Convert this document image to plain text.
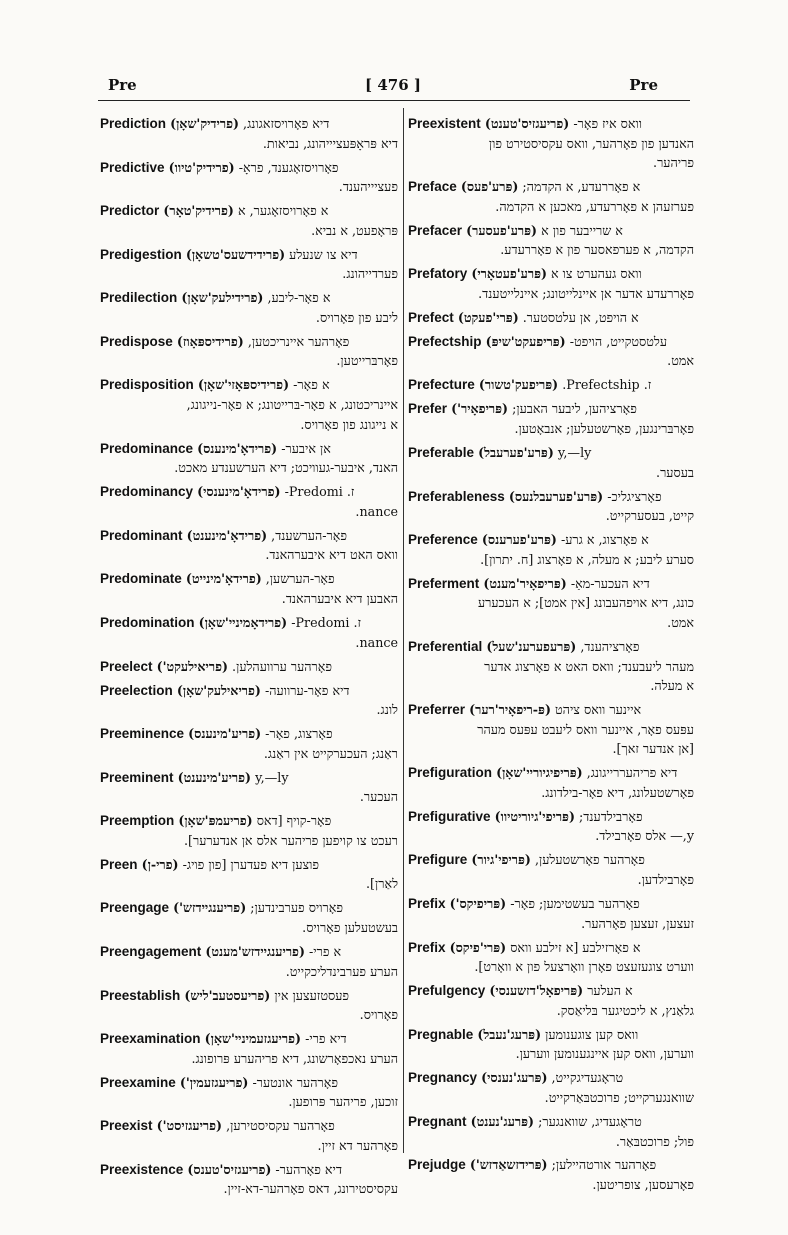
Pre	[ 476 ]	Pre
Prediction (פרידיק'שאָן) דיא פאָרויסזאגונג,
דיא פּראָפּעציייהונג, נביאות.
Predictive (פרידיק'טיוו) פאָרויסזאָגענד, פראָ-
פעציייהענד.
Predictor (פרידיק'טאָר) א פאָרויסזאָגער, א
פּראָפעט, א נביא.
Predigestion (פרידידשעס'טשאָן) דיא צו שנעלע
פערדייהונג.
Predilection (פרידילעק'שאָן) א פאָר-ליבע,
ליבע פון פאָרויס.
Predispose (פרידיספּאָוז) פאָרהער איינריכטען,
פאָרבּרייטען.
Predisposition (פרידיספּאָזי'שאָן) א פאָר-
איינריכטונג, א פאָר-בּרייטונג; א פאָר-נייגונג,
א נייגונג פון פאָרויס.
Predominance (פרידאָ'מינענס) אן איבער-
האנד, איבער-געוויכט; דיא הערשענדע מאכט.
Predominancy (פרידאָ'מינענסי) ז. Predomi-
nance.
Predominant (פרידאָ'מינענט) פאָר-הערשענד,
וואס האט דיא איבערהאנד.
Predominate (פרידאָ'מינייט) פאָר-הערשען,
האבען דיא איבערהאנד.
Predomination (פרידאָמיניי'שאָן) ז. Predomi-
nance.
Preelect (פריאילעקט') פאָרהער ערוועהלען.
Preelection (פריאילעק'שאָן) דיא פאָר-ערוועה-
לונג.
Preeminence (פריע'מינענס) פאָרצוג, פאָר-
ראַנג; העכערקייט אין ראַנג.
Preeminent (פריע'מינענט) y,—ly
העכער.
Preemption (פריעמפּ'שאָן) פאָר-קויף [דאס
רעכט צו קויפען פריהער אלס אן אנדערער].
Preen (פרי-ן) פוצען דיא פעדערן [פון פויג-
לאַרן].
Preengage (פריענגיידזש') פאָרויס פערבינדען;
בעשטעלען פאָרויס.
Preengagement (פריענגיידזש'מענט) א פרי-
הערע פערבינדליכקייט.
Preestablish (פריעסטעב'ליש) פעסטזעצען אין
פאָרויס.
Preexamination (פריעגזעמיניי'שאָן) דיא פרי-
הערע נאכפאָרשונג, דיא פריהערע פּרופונג.
Preexamine (פריעגזעמין') פאָרהער אונטער-
זוכען, פריהער פּרופען.
Preexist (פריעגזיסט') פאָרהער עקסיסטירען,
פאָרהער דא זיין.
Preexistence (פריעגזיס'טענס) דיא פאָרהער-
עקסיסטירונג, דאס פאָרהער-דא-זיין.
Preexistent (פריעגזיס'טענט) וואס איז פאָר-
האנדען פון פאָרהער, וואס עקסיסטירט פון
פריהער.
Preface (פּרע'פעס) א פאָררעדע, א הקדמה;
פערזעהן א פאָררעדע, מאכען א הקדמה.
Prefacer (פּרע'פעסער) א שרייבער פון א
הקדמה, א פערפאסער פון א פאָררעדע.
Prefatory (פּרע'פעטאָרי) וואס געהערט צו א
פאָררעדע אדער אן איינלייטונג; איינלייטענד.
Prefect (פּרי'פעקט) א הויפט, אן עלטסטער.
Prefectship (פּריפעקט'שיפּ) עלטסטקייט, הויפט-
אמט.
Prefecture (פּריפעק'טשור) ז. Prefectship.
Prefer (פּריפאָיר') פאָרציהען, ליבער האבען;
פאָרבּרינגען, פאָרשטעלען; אנבאָטען.
Preferable (פּרע'פערעבל) y,—ly
בעסער.
Preferableness (פּרע'פערעבלנעס) פאָרציגליכ-
קייט, בעסערקייט.
Preference (פּרע'פערענס) א פאָרצוג, א גרע-
סערע ליבע; א מעלה, א פאָרצוג [ח. יתרון].
Preferment (פּריפאָיר'מענט) דיא העכער-מאַ-
כונג, דיא אויפהעבונג [אין אמט]; א העכערע
אמט.
Preferential (פּרעפערענ'שעל) פאָרציהענד,
מעהר ליעבענד; וואס האט א פאָרצוג אדער
א מעלה.
Preferrer (פּ-ריפאָיר'רער) איינער וואס ציהט
עפּעס פאָר, איינער וואס ליעבט עפּעס מעהר
[אן אנדער זאך].
Prefiguration (פּריפיגיוריי'שאָן) דיא פריהעררייגונג,
פאָרשטעלונג, דיא פאָר-בילדונג.
Prefigurative (פּריפי'גיוריטיוו) פאָרבילדענד;
y,— אלס פאָרבילד.
Prefigure (פּריפי'גיור) פאָרהער פאָרשטעלען,
פאָרבילדען.
Prefix (פּריפיקס') פאָרהער בעשטימען; פאָר-
זעצען, זעצען פאָרהער.
Prefix (פּרי'פיקס) א פאָרזילבע [א זילבע וואס
ווערט צוגעזעצט פאָרן וואָרצעל פון א וואָרט].
Prefulgency (פּריפאָל'דזשענסי) א העלער
גלאַנץ, א ליכטיגער בּליאַסק.
Pregnable (פּרעג'נעבל) וואס קען צוגענומען
ווערען, וואס קען איינגענומען ווערען.
Pregnancy (פּרעג'נענסי) טראָגעדיגקייט,
שוואנגערקייט; פרוכטבּאַרקייט.
Pregnant (פּרעג'נענט) טראָגעדיג, שוואנגער;
פול; פרוכטבּאַר.
Prejudge (פּרידזשאַדזש') פאָרהער אורטהיילען;
פאָרעסען, צופריטען.
